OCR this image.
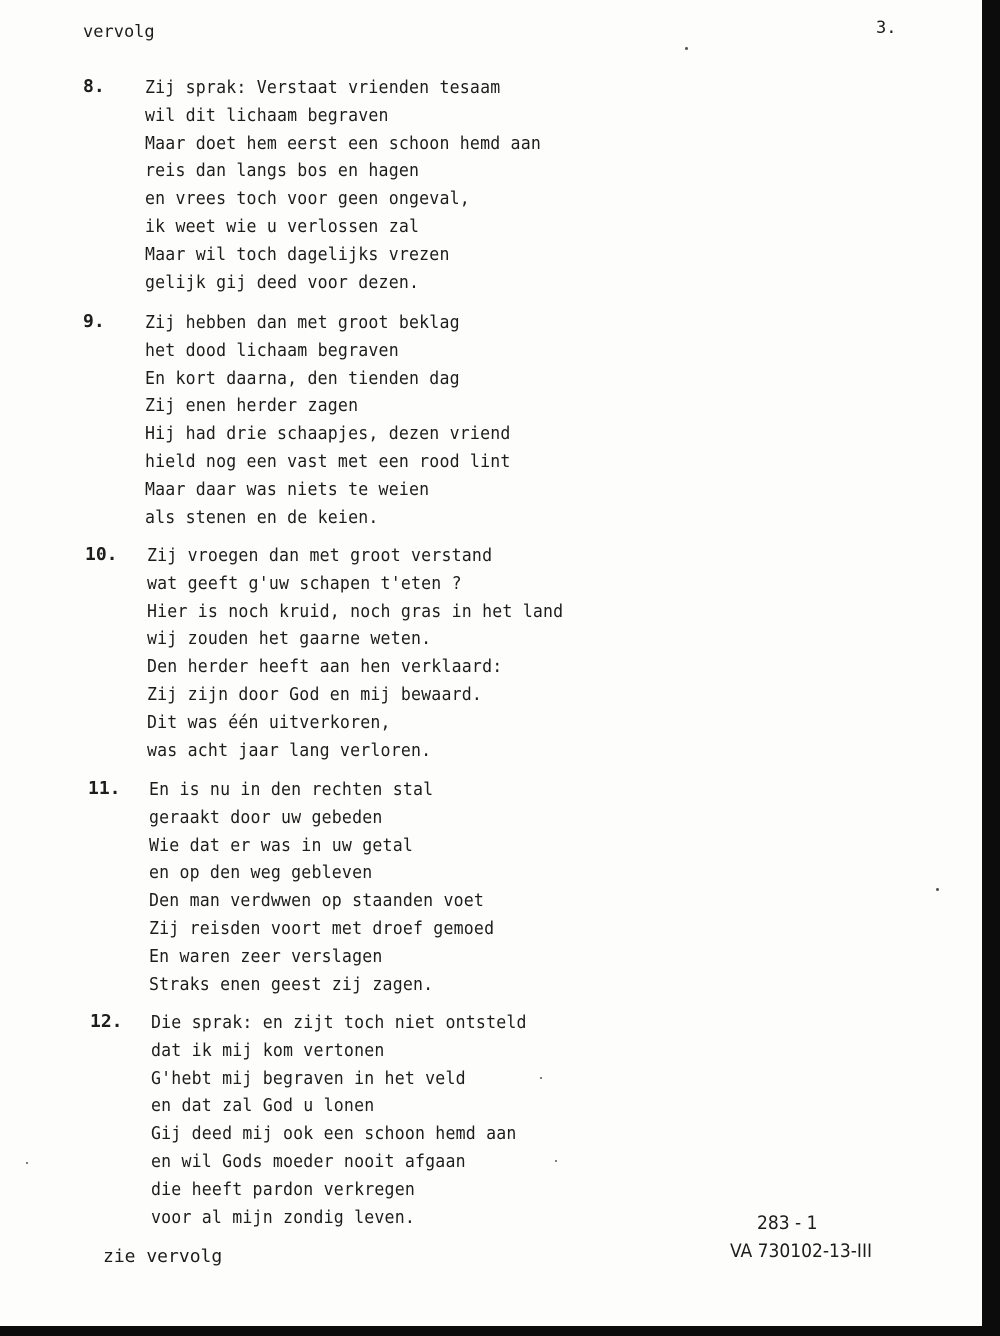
vervolg	3.
8. Zij sprak: Verstaat vrienden tesaam
wil dit lichaam begraven
Maar doet hem eerst een schoon hemd aan
reis dan langs bos en hagen
en vrees toch voor geen ongeval,
ik weet wie u verlossen zal
Maar wil toch dagelijks vrezen
gelijk gij deed voor dezen.
9. Zij hebben dan met groot beklag
het dood lichaam begraven
En kort daarna, den tienden dag
Zij enen herder zagen
Hij had drie schaapjes, dezen vriend
hield nog een vast met een rood lint
Maar daar was niets te weien
als stenen en de keien.
10. Zij vroegen dan met groot verstand
wat geeft g'uw schapen t'eten ?
Hier is noch kruid, noch gras in het land
wij zouden het gaarne weten.
Den herder heeft aan hen verklaard:
Zij zijn door God en mij bewaard.
Dit was één uitverkoren,
was acht jaar lang verloren.
11. En is nu in den rechten stal
geraakt door uw gebeden
Wie dat er was in uw getal
en op den weg gebleven
Den man verdwwen op staanden voet
Zij reisden voort met droef gemoed
En waren zeer verslagen
Straks enen geest zij zagen.
12. Die sprak: en zijt toch niet ontsteld
dat ik mij kom vertonen
G'hebt mij begraven in het veld
en dat zal God u lonen
Gij deed mij ook een schoon hemd aan
en wil Gods moeder nooit afgaan
die heeft pardon verkregen
voor al mijn zondig leven.
zie vervolg
283 - 1
VA 730102-13-III
